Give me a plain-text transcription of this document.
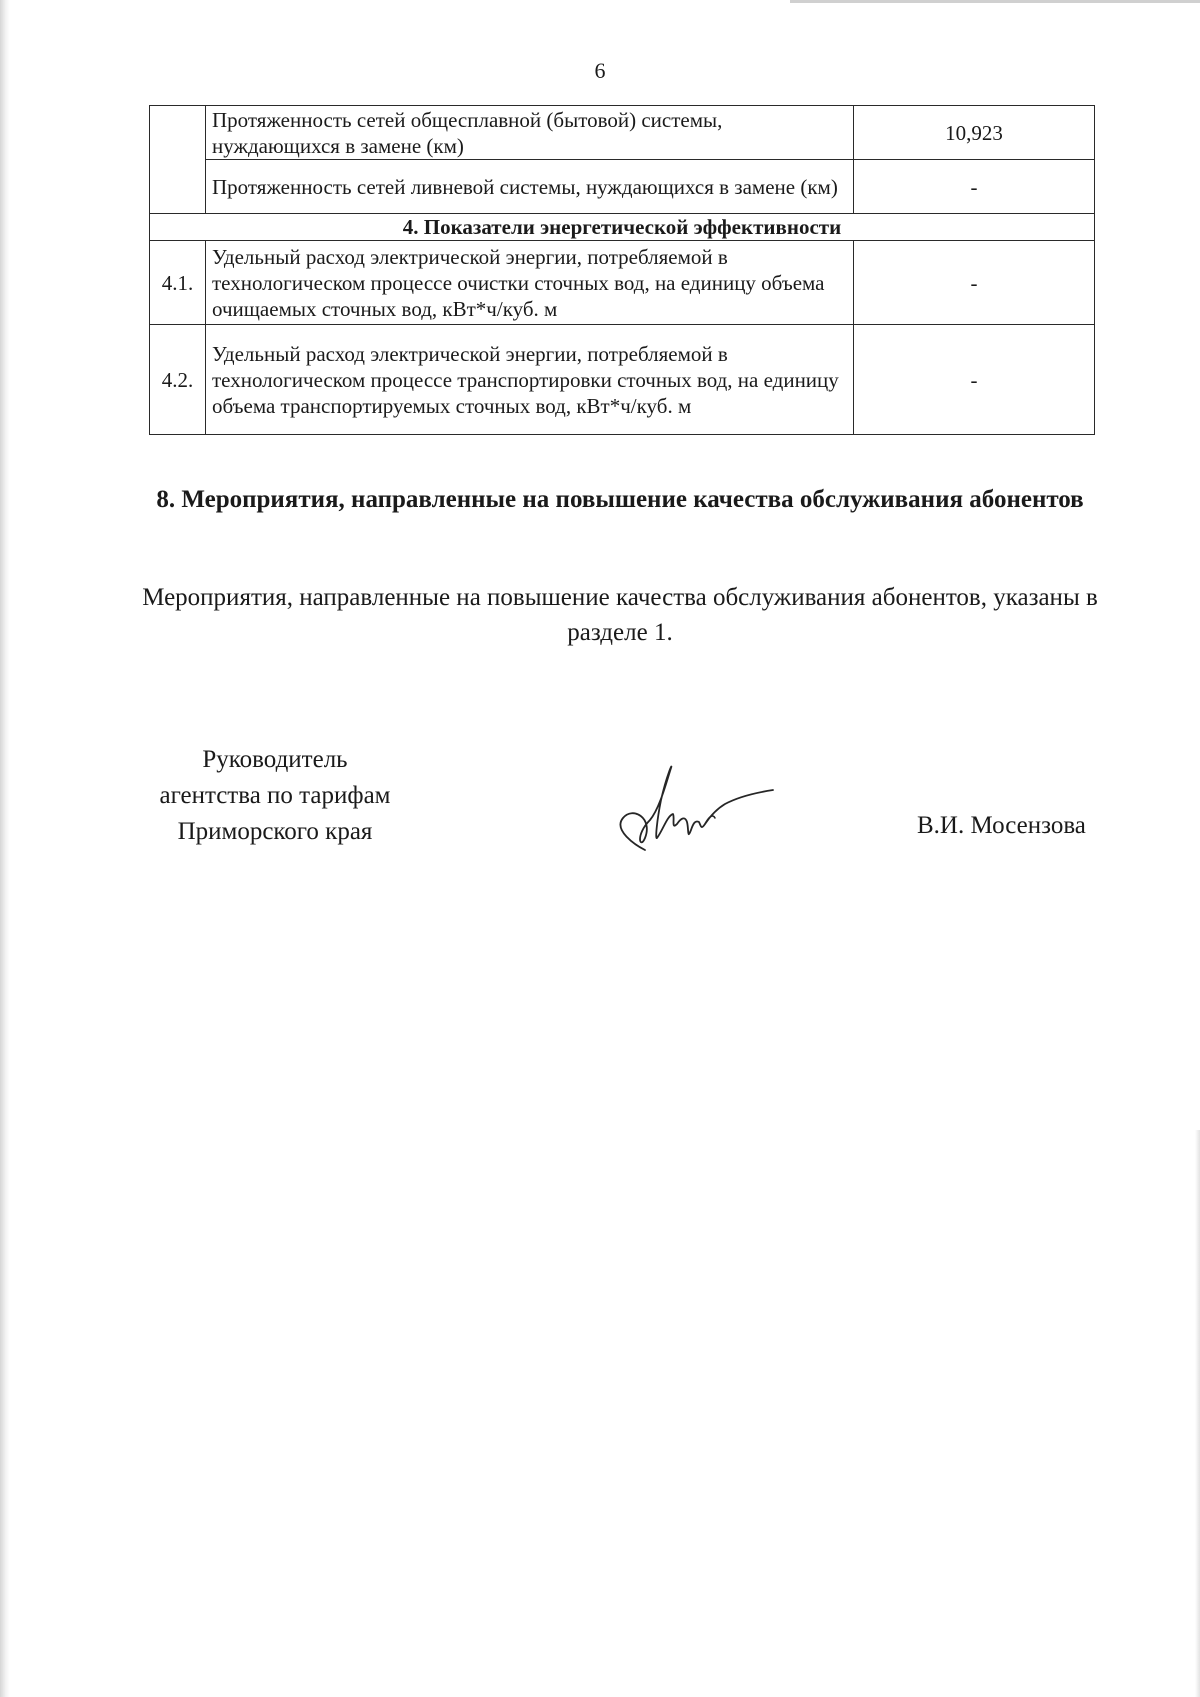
6
	Протяженность сетей общесплавной (бытовой) системы, нуждающихся в замене (км)	10,923
	Протяженность сетей ливневой системы, нуждающихся в замене (км)	-
4. Показатели энергетической эффективности		
4.1.	Удельный расход электрической энергии, потребляемой в технологическом процессе очистки сточных вод, на единицу объема очищаемых сточных вод, кВт*ч/куб. м	-
4.2.	Удельный расход электрической энергии, потребляемой в технологическом процессе транспортировки сточных вод, на единицу объема транспортируемых сточных вод, кВт*ч/куб. м	-
8. Мероприятия, направленные на повышение качества обслуживания абонентов
Мероприятия, направленные на повышение качества обслуживания абонентов, указаны в разделе 1.
Руководитель
агентства по тарифам
Приморского края	В.И. Мосензова
